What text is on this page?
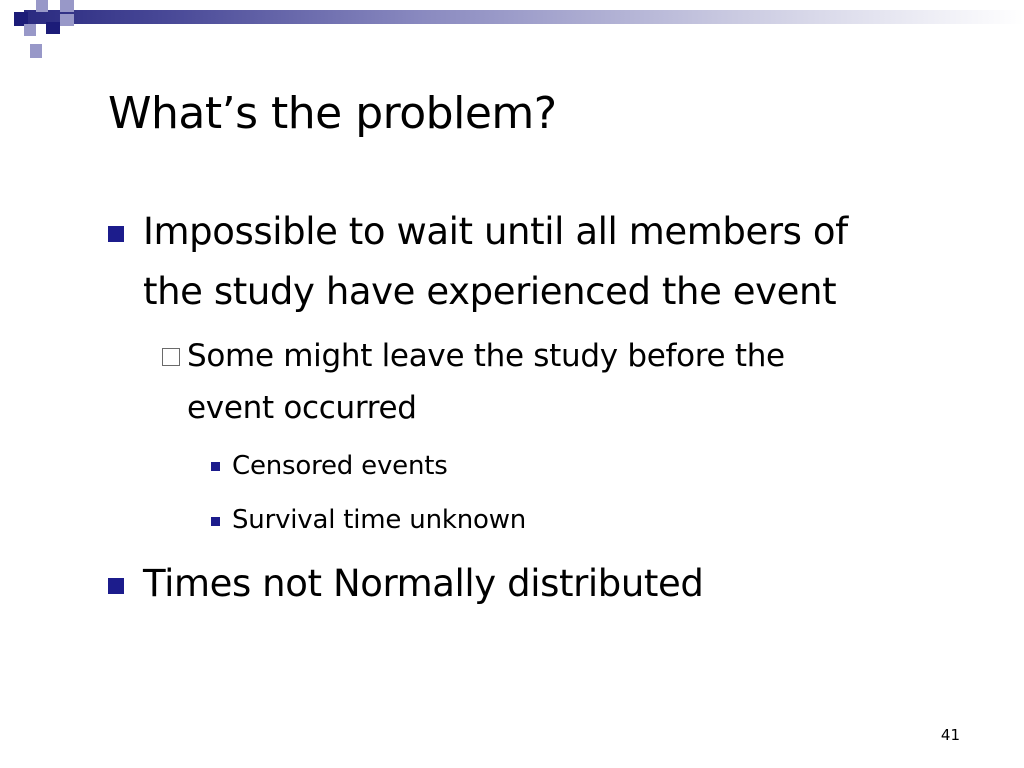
What’s the problem?
Impossible to wait until all members of
the study have experienced the event
Some might leave the study before the
event occurred
Censored events
Survival time unknown
Times not Normally distributed
41
